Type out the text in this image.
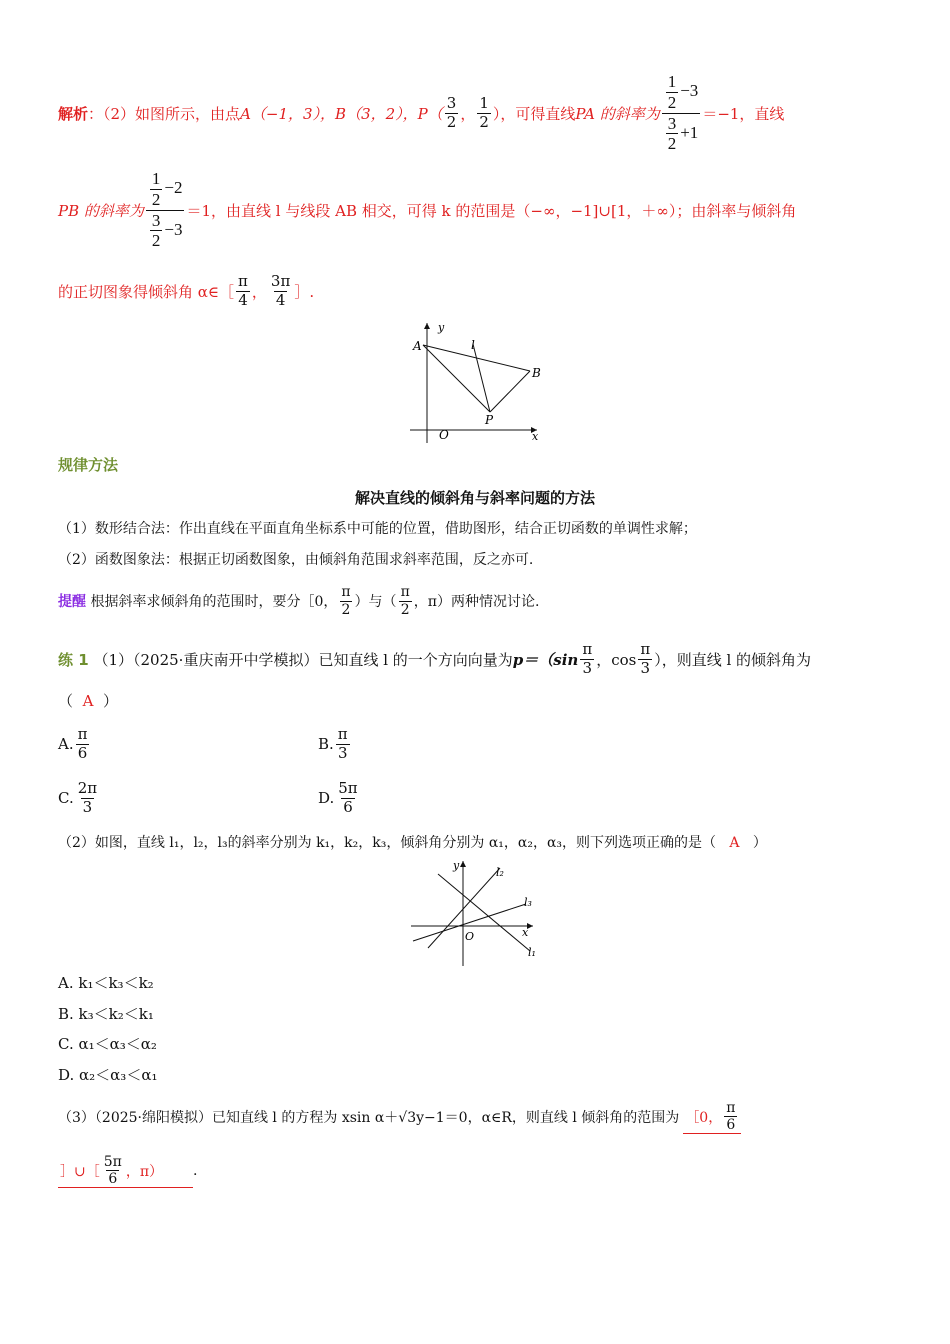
解析 ：（2）如图所示，由点 A（−1，3），B（3，2），$P( \frac{3}{2}$ ， $\frac{1}{2}$ ），可得直线 PA 的斜率为 $\frac{\frac{1}{2} -3}{\frac{3}{2} +1} =-1$，直线
PB 的斜率为 $\frac{\frac{1}{2} -2}{\frac{3}{2} -3} =1$，由直线 l 与线段 AB 相交，可得 k 的范围是（−∞，−1]∪[1，＋∞）；由斜率与倾斜角
的正切图象得倾斜角
α∈［ $\frac{\pi}{4}$ ， $\frac{3\pi}{4}$ ］.
A
B
P
O	x
y
l
规律方法
解决直线的倾斜角与斜率问题的方法
（1）数形结合法：作出直线在平面直角坐标系中可能的位置，借助图形，结合正切函数的单调性求解；
（2）函数图象法：根据正切函数图象，由倾斜角范围求斜率范围，反之亦可.
提醒
根据斜率求倾斜角的范围时，要分［0， $\frac{\pi}{2}$ ）与（ $\frac{\pi}{2}$ ，π）两种情况讨论.
练 1
（1）（2025·重庆南开中学模拟）已知直线 l 的一个方向向量为 $p=(\sin \frac{\pi}{3}$ ，$\cos \frac{\pi}{3}$ ），则直线 l 的倾斜角为
（ A ）
A. $\frac{\pi}{6}$	B. $\frac{\pi}{3}$
C. $\frac{2\pi}{3}$	D. $\frac{5\pi}{6}$
（2）如图，直线 l₁，l₂，l₃的斜率分别为 k₁，k₂，k₃，倾斜角分别为 α₁，α₂，α₃，则下列选项正确的是（ A ）
y
O	x
l₁
l₂
l₃
A. k₁＜k₃＜k₂
B. k₃＜k₂＜k₁
C. α₁＜α₃＜α₂
D. α₂＜α₃＜α₁
（3）（2025·绵阳模拟）已知直线 l 的方程为 xsin α＋√3y−1＝0，α∈R，则直线 l 倾斜角的范围为 ［0， $\frac{\pi}{6}$
］∪［ $\frac{5\pi}{6}$ ，π） .
